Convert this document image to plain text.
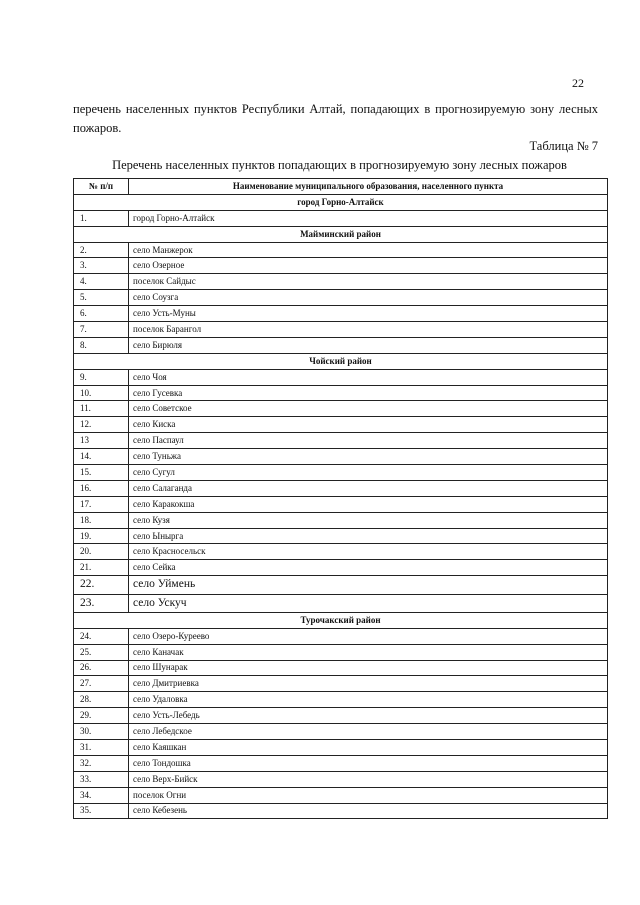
22
перечень населенных пунктов Республики Алтай, попадающих в прогнозируемую зону лесных пожаров.
Таблица № 7
Перечень населенных пунктов попадающих в прогнозируемую зону лесных пожаров
№ п/п	Наименование муниципального образования, населенного пункта
город Горно-Алтайск	
1.	город Горно-Алтайск
Майминский район	
2.	село Манжерок
3.	село Озерное
4.	поселок Сайдыс
5.	село Соузга
6.	село Усть-Муны
7.	поселок Барангол
8.	село Бирюля
Чойский район	
9.	село Чоя
10.	село Гусевка
11.	село Советское
12.	село Киска
13	село Паспаул
14.	село Туньжа
15.	село Сугул
16.	село Салаганда
17.	село Каракокша
18.	село Кузя
19.	село Ынырга
20.	село Красносельск
21.	село Сейка
22.	село Уймень
23.	село Ускуч
Турочакский район	
24.	село Озеро-Куреево
25.	село Каначак
26.	село Шунарак
27.	село Дмитриевка
28.	село Удаловка
29.	село Усть-Лебедь
30.	село Лебедское
31.	село Каяшкан
32.	село Тондошка
33.	село Верх-Бийск
34.	поселок Огни
35.	село Кебезень
